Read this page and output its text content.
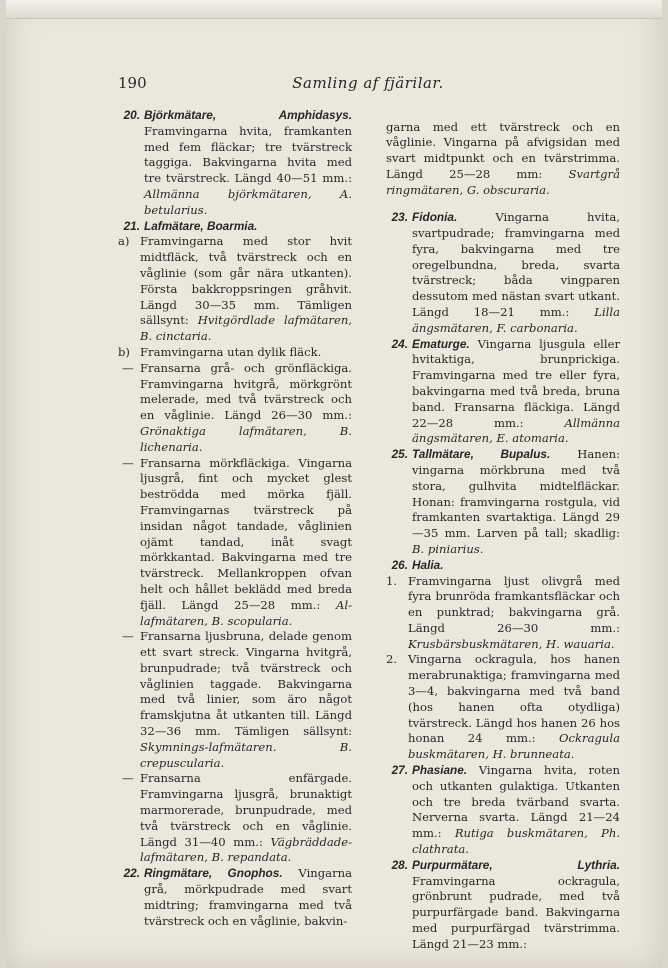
190	Samling af fjärilar.

20. Björkmätare, Amphidasys. Framvingarna hvita, framkanten med fem fläckar; tre tvärstreck taggiga. Bakvingarna hvita med tre tvärstreck. Längd 40—51 mm.: Allmänna björkmätaren, A. betularius.

21. Lafmätare, Boarmia.

a) Framvingarna med stor hvit midtfläck, två tvärstreck och en våglinie (som går nära utkanten). Första bakkroppsringen gråhvit. Längd 30—35 mm. Tämligen sällsynt: Hvitgördlade lafmätaren, B. cinctaria.

b) Framvingarna utan dylik fläck.

— Fransarna grå- och grönfläckiga. Framvingarna hvitgrå, mörkgrönt melerade, med två tvärstreck och en våglinie. Längd 26—30 mm.: Grönaktiga lafmätaren, B. lichenaria.

— Fransarna mörkfläckiga. Vingarna ljusgrå, fint och mycket glest beströdda med mörka fjäll. Framvingarnas tvärstreck på insidan något tandade, våglinien ojämt tandad, inåt svagt mörkkantad. Bakvingarna med tre tvärstreck. Mellankroppen ofvan helt och hållet beklädd med breda fjäll. Längd 25—28 mm.: Al-lafmätaren, B. scopularia.

— Fransarna ljusbruna, delade genom ett svart streck. Vingarna hvitgrå, brunpudrade; två tvärstreck och våglinien taggade. Bakvingarna med två linier, som äro något framskjutna åt utkanten till. Längd 32—36 mm. Tämligen sällsynt: Skymnings-lafmätaren. B. crepuscularia.

— Fransarna enfärgade. Framvingarna ljusgrå, brunaktigt marmorerade, brunpudrade, med två tvärstreck och en våglinie. Längd 31—40 mm.: Vägbräddade-lafmätaren, B. repandata.

22. Ringmätare, Gnophos. Vingarna grå, mörkpudrade med svart midtring; framvingarna med två tvärstreck och en våglinie, bakvin-

garna med ett tvärstreck och en våglinie. Vingarna på afvigsidan med svart midtpunkt och en tvärstrimma. Längd 25—28 mm: Svartgrå ringmätaren, G. obscuraria.

23. Fidonia. Vingarna hvita, svartpudrade; framvingarna med fyra, bakvingarna med tre oregelbundna, breda, svarta tvärstreck; båda vingparen dessutom med nästan svart utkant. Längd 18—21 mm.: Lilla ängsmätaren, F. carbonaria.

24. Ematurge. Vingarna ljusgula eller hvitaktiga, brunprickiga. Framvingarna med tre eller fyra, bakvingarna med två breda, bruna band. Fransarna fläckiga. Längd 22—28 mm.: Allmänna ängsmätaren, E. atomaria.

25. Tallmätare, Bupalus. Hanen: vingarna mörkbruna med två stora, gulhvita midtelfläckar. Honan: framvingarna rostgula, vid framkanten svartaktiga. Längd 29—35 mm. Larven på tall; skadlig: B. piniarius.

26. Halia.

1. Framvingarna ljust olivgrå med fyra brunröda framkantsfläckar och en punktrad; bakvingarna grå. Längd 26—30 mm.: Krusbärsbuskmätaren, H. wauaria.

2. Vingarna ockragula, hos hanen merabrunaktiga; framvingarna med 3—4, bakvingarna med två band (hos hanen ofta otydliga) tvärstreck. Längd hos hanen 26 hos honan 24 mm.: Ockragula buskmätaren, H. brunneata.

27. Phasiane. Vingarna hvita, roten och utkanten gulaktiga. Utkanten och tre breda tvärband svarta. Nerverna svarta. Längd 21—24 mm.: Rutiga buskmätaren, Ph. clathrata.

28. Purpurmätare, Lythria. Framvingarna ockragula, grönbrunt pudrade, med två purpurfärgade band. Bakvingarna med purpurfärgad tvärstrimma. Längd 21—23 mm.:
